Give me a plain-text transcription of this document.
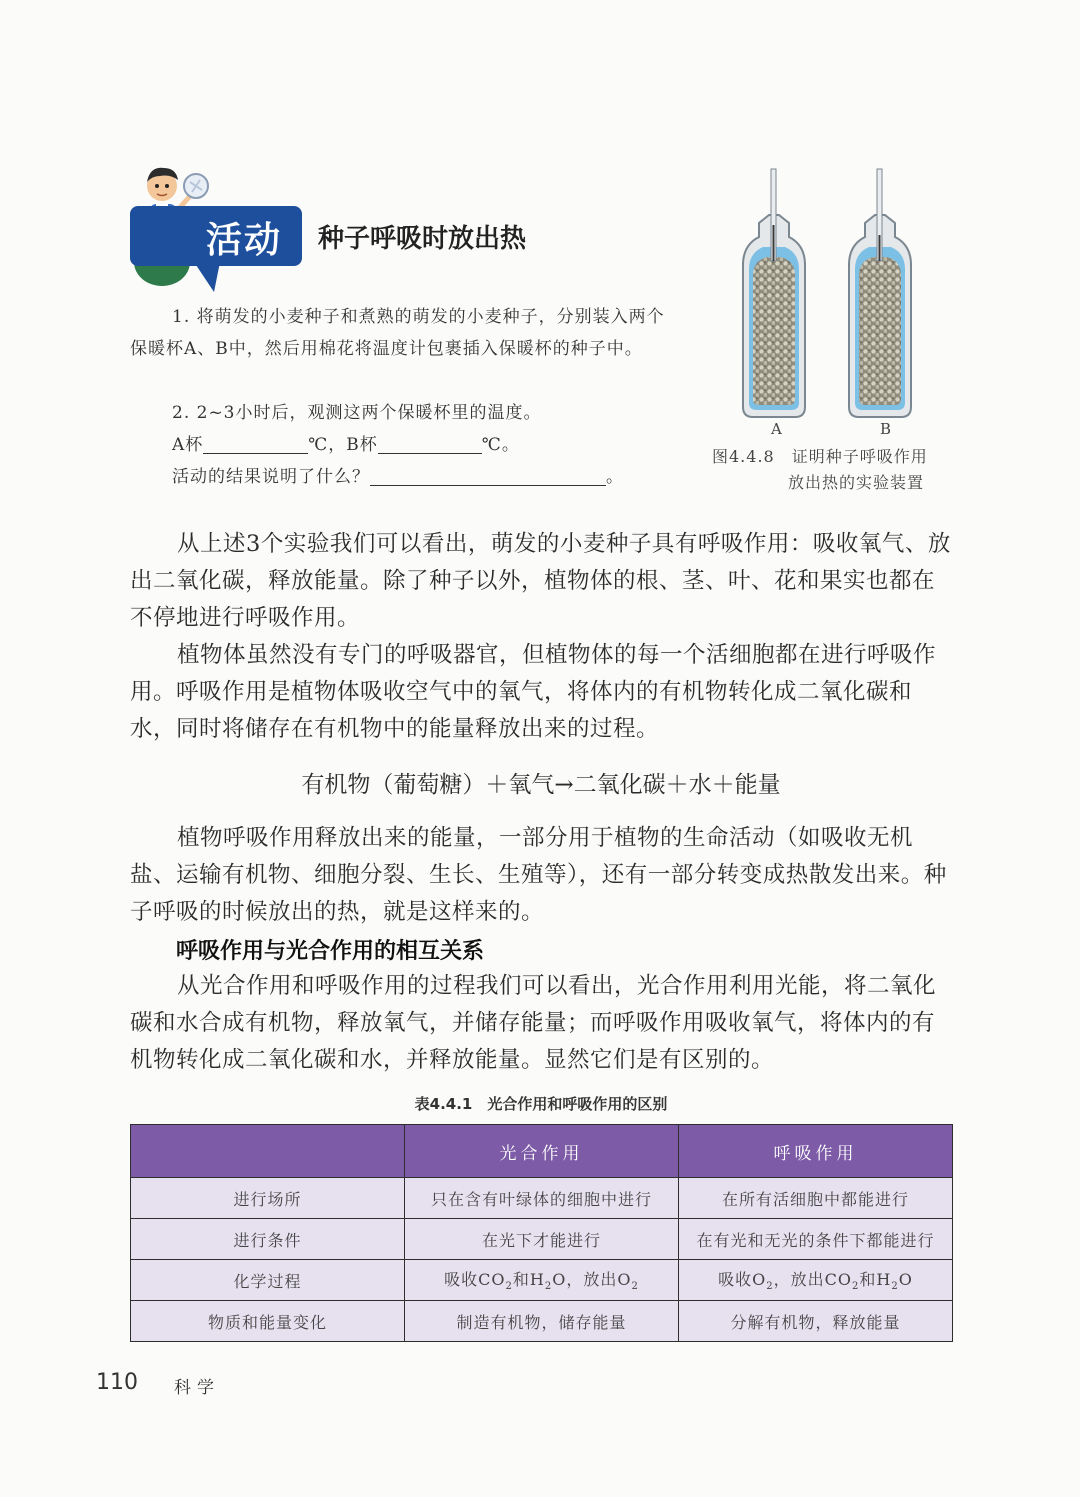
活动 种子呼吸时放出热
1. 将萌发的小麦种子和煮熟的萌发的小麦种子，分别装入两个保暖杯A、B中，然后用棉花将温度计包裹插入保暖杯的种子中。
2. 2~3小时后，观测这两个保暖杯里的温度。
A杯	℃，B杯	℃。
活动的结果说明了什么？	。
A	B
图4.4.8　证明种子呼吸作用
放出热的实验装置
从上述3个实验我们可以看出，萌发的小麦种子具有呼吸作用：吸收氧气、放出二氧化碳，释放能量。除了种子以外，植物体的根、茎、叶、花和果实也都在不停地进行呼吸作用。
植物体虽然没有专门的呼吸器官，但植物体的每一个活细胞都在进行呼吸作用。呼吸作用是植物体吸收空气中的氧气，将体内的有机物转化成二氧化碳和水，同时将储存在有机物中的能量释放出来的过程。
有机物（葡萄糖）＋氧气→二氧化碳＋水＋能量
植物呼吸作用释放出来的能量，一部分用于植物的生命活动（如吸收无机盐、运输有机物、细胞分裂、生长、生殖等），还有一部分转变成热散发出来。种子呼吸的时候放出的热，就是这样来的。
呼吸作用与光合作用的相互关系
从光合作用和呼吸作用的过程我们可以看出，光合作用利用光能，将二氧化碳和水合成有机物，释放氧气，并储存能量；而呼吸作用吸收氧气，将体内的有机物转化成二氧化碳和水，并释放能量。显然它们是有区别的。
表4.4.1　光合作用和呼吸作用的区别
	光合作用	呼吸作用
进行场所	只在含有叶绿体的细胞中进行	在所有活细胞中都能进行
进行条件	在光下才能进行	在有光和无光的条件下都能进行
化学过程	吸收$CO_2$和$H_2O$，放出$O_2$	吸收$O_2$，放出$CO_2$和$H_2O$
物质和能量变化	制造有机物，储存能量	分解有机物，释放能量
110 科学
